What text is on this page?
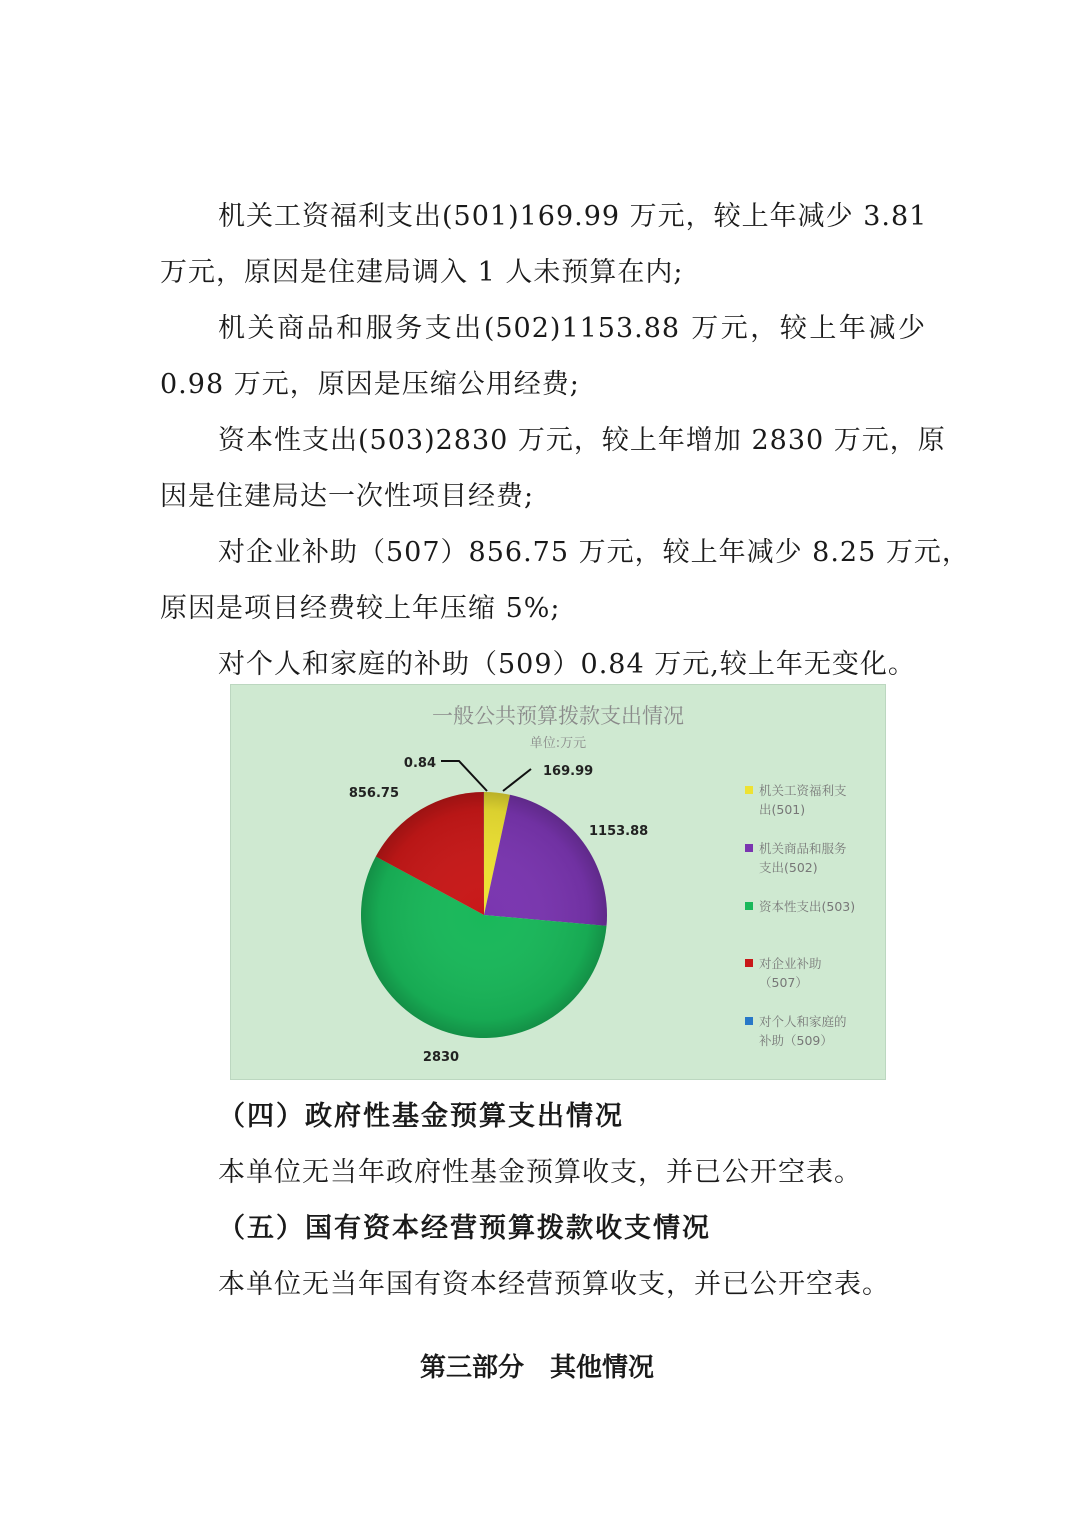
机关工资福利支出(501)169.99 万元，较上年减少 3.81

万元，原因是住建局调入 1 人未预算在内;

机关商品和服务支出(502)1153.88 万元，较上年减少

0.98 万元，原因是压缩公用经费;

资本性支出(503)2830 万元，较上年增加 2830 万元，原

因是住建局达一次性项目经费;

对企业补助（507）856.75 万元，较上年减少 8.25 万元，

原因是项目经费较上年压缩 5%;

对个人和家庭的补助（509）0.84 万元,较上年无变化。

一般公共预算拨款支出情况
单位:万元
169.99
1153.88
2830
856.75
0.84
机关工资福利支
出(501)
机关商品和服务
支出(502)
资本性支出(503)
对企业补助
（507）
对个人和家庭的
补助（509）

（四）政府性基金预算支出情况

本单位无当年政府性基金预算收支，并已公开空表。

（五）国有资本经营预算拨款收支情况

本单位无当年国有资本经营预算收支，并已公开空表。

第三部分　其他情况
